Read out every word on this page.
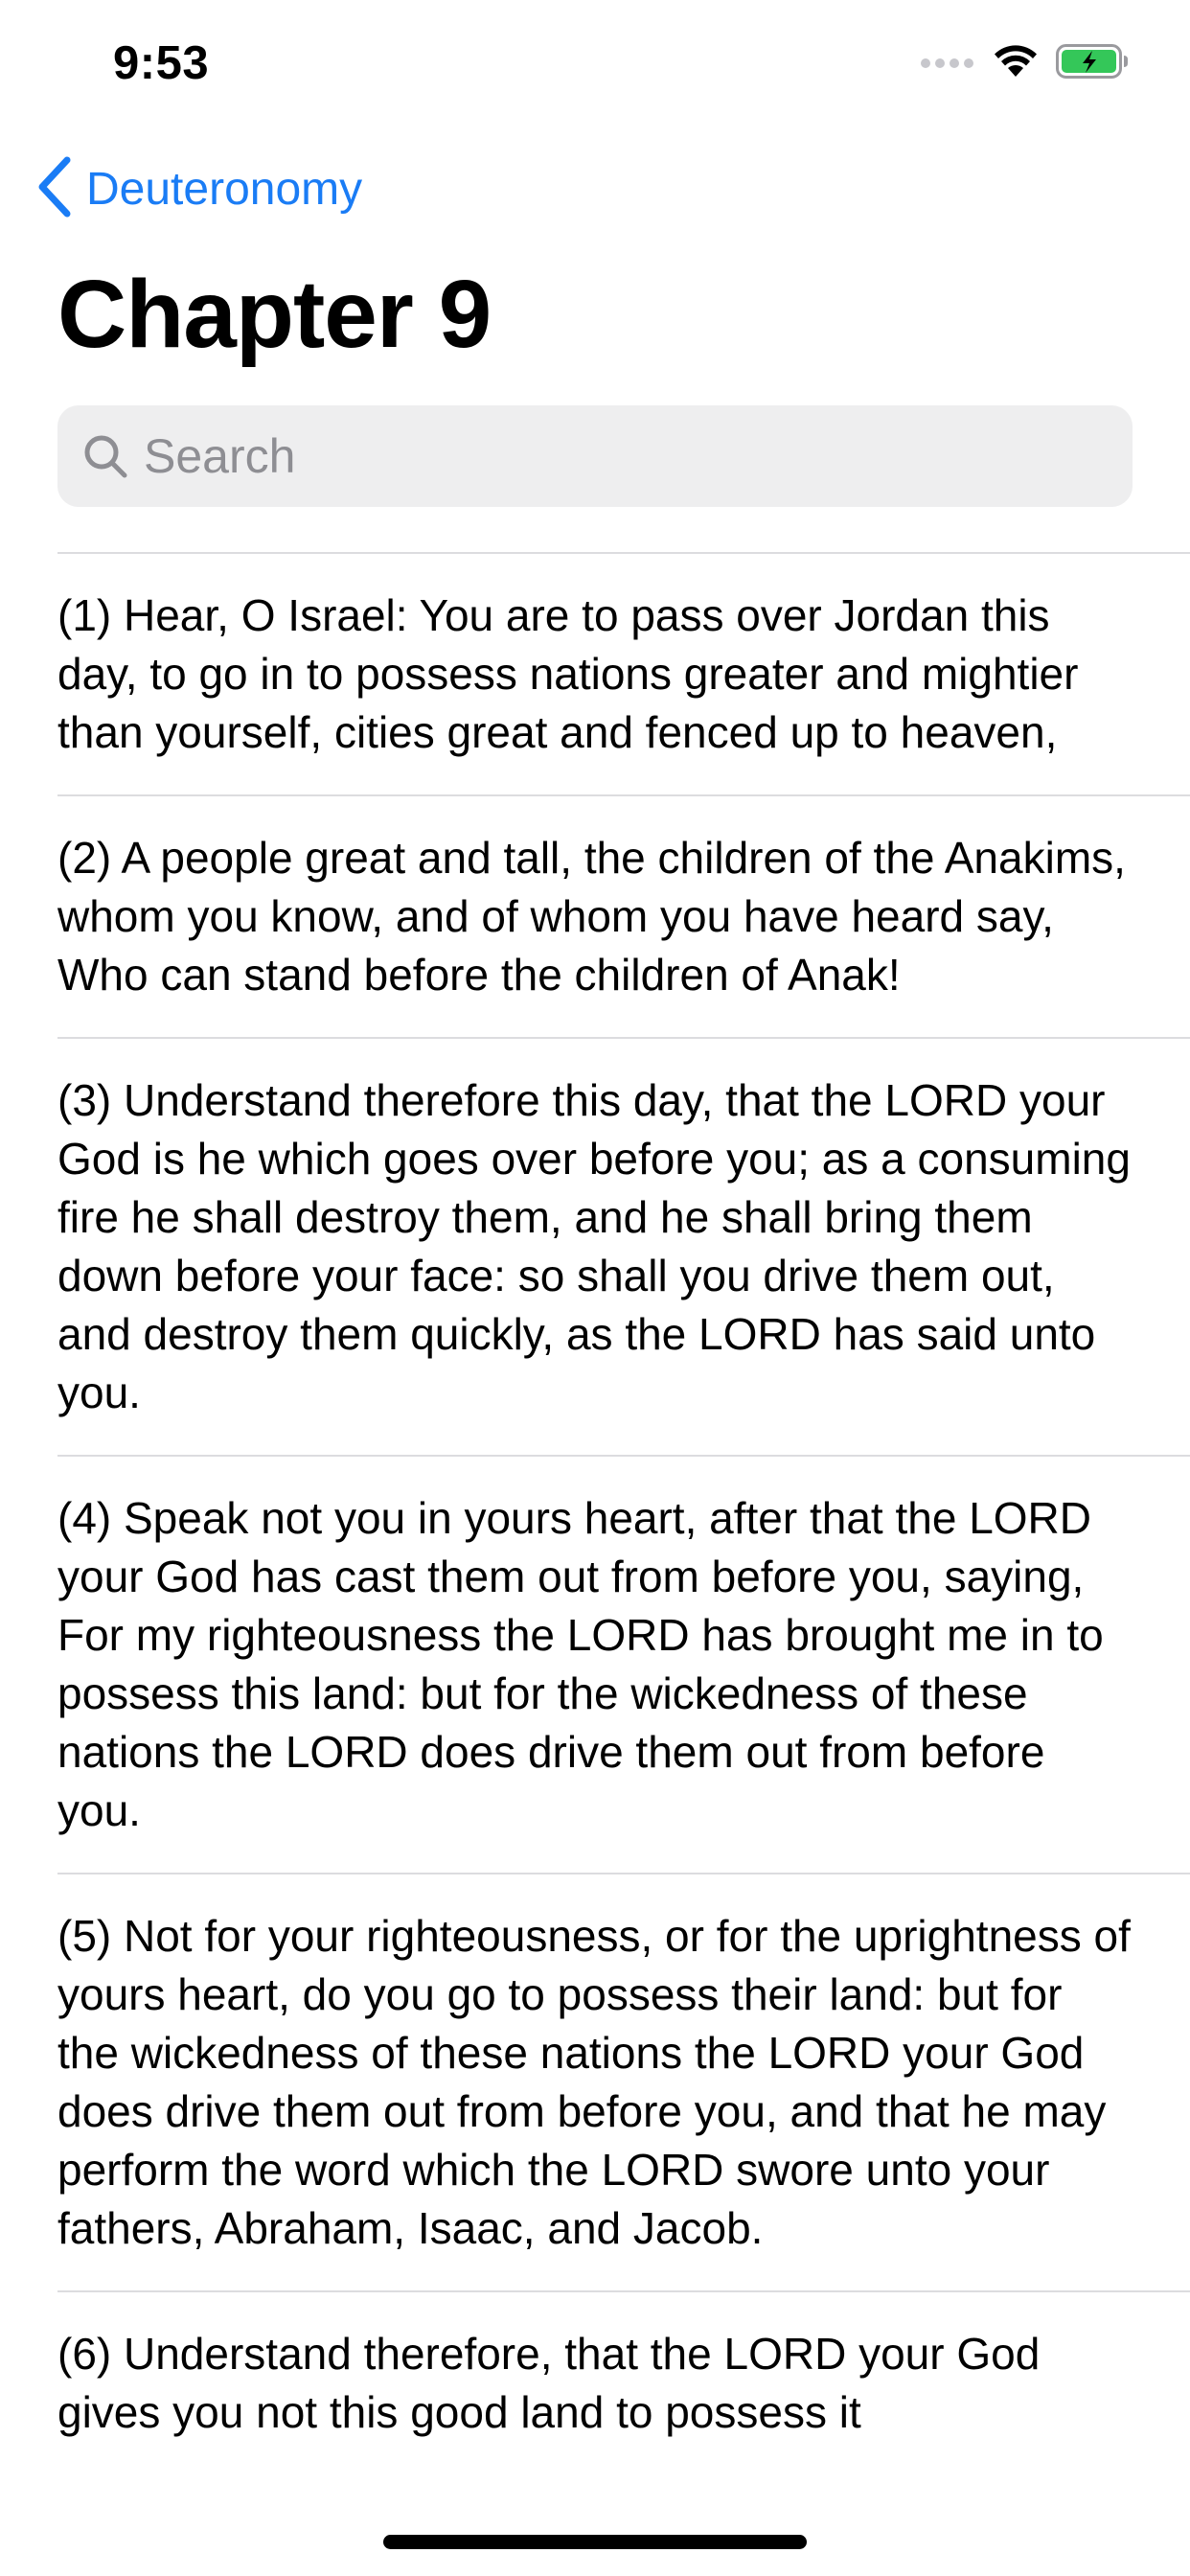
9:53
Deuteronomy
Chapter 9
Search
(1) Hear, O Israel: You are to pass over Jordan this day, to go in to possess nations greater and mightier than yourself, cities great and fenced up to heaven,
(2) A people great and tall, the children of the Anakims, whom you know, and of whom you have heard say, Who can stand before the children of Anak!
(3) Understand therefore this day, that the LORD your God is he which goes over before you; as a consuming fire he shall destroy them, and he shall bring them down before your face: so shall you drive them out, and destroy them quickly, as the LORD has said unto you.
(4) Speak not you in yours heart, after that the LORD your God has cast them out from before you, saying, For my righteousness the LORD has brought me in to possess this land: but for the wickedness of these nations the LORD does drive them out from before you.
(5) Not for your righteousness, or for the uprightness of yours heart, do you go to possess their land: but for the wickedness of these nations the LORD your God does drive them out from before you, and that he may perform the word which the LORD swore unto your fathers, Abraham, Isaac, and Jacob.
(6) Understand therefore, that the LORD your God gives you not this good land to possess it
